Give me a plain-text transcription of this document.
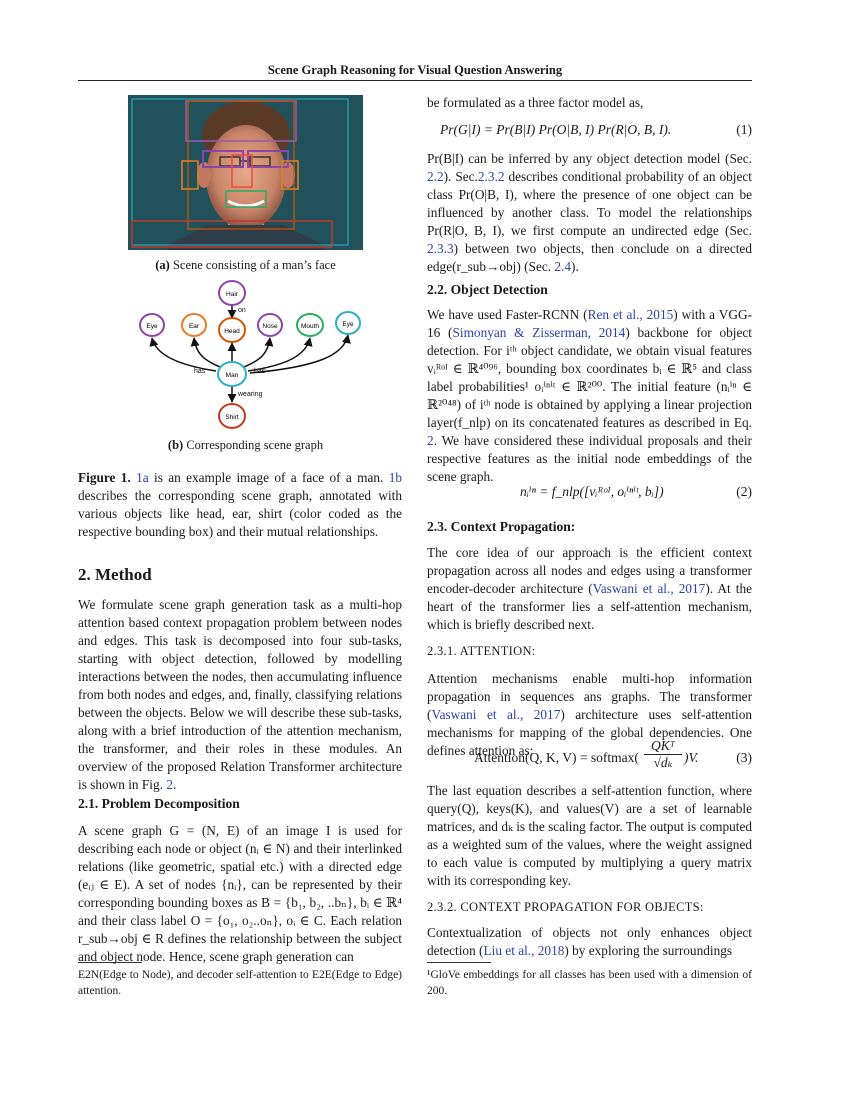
Scene Graph Reasoning for Visual Question Answering
(a) Scene consisting of a man’s face
on
has	has
wearing
Hair
Eye	Ear
Head
Nose	Mouth	Eye
Man
Shirt
(b) Corresponding scene graph

Figure 1. 1a is an example image of a face of a man. 1b describes the corresponding scene graph, annotated with various objects like head, ear, shirt (color coded as the respective bounding box) and their mutual relationships.

2. Method

We formulate scene graph generation task as a multi-hop attention based context propagation problem between nodes and edges. This task is decomposed into four sub-tasks, starting with object detection, followed by modelling interactions between the nodes, then accumulating influence from both nodes and edges, and, finally, classifying relations between the objects. Below we will describe these sub-tasks, along with a brief introduction of the attention mechanism, the transformer, and their roles in these modules. An overview of the proposed Relation Transformer architecture is shown in Fig. 2.

2.1. Problem Decomposition

A scene graph G = (N, E) of an image I is used for describing each node or object (nᵢ ∈ N) and their interlinked relations (like geometric, spatial etc.) with a directed edge (eᵢⱼ ∈ E). A set of nodes {nᵢ}, can be represented by their corresponding bounding boxes as B = {b₁, b₂, ..bₙ}, bᵢ ∈ ℝ⁴ and their class label O = {o₁, o₂..oₙ}, oᵢ ∈ C. Each relation r_sub→obj ∈ R defines the relationship between the subject and object node. Hence, scene graph generation can

E2N(Edge to Node), and decoder self-attention to E2E(Edge to Edge) attention.
be formulated as a three factor model as,
Pr(G|I) = Pr(B|I) Pr(O|B, I) Pr(R|O, B, I).	(1)

Pr(B|I) can be inferred by any object detection model (Sec. 2.2). Sec.2.3.2 describes conditional probability of an object class Pr(O|B, I), where the presence of one object can be influenced by another class. To model the relationships Pr(R|O, B, I), we first compute an undirected edge (Sec. 2.3.3) between two objects, then conclude on a directed edge(r_sub→obj) (Sec. 2.4).

2.2. Object Detection

We have used Faster-RCNN (Ren et al., 2015) with a VGG-16 (Simonyan & Zisserman, 2014) backbone for object detection. For iᵗʰ object candidate, we obtain visual features vᵢᴿᵒᴵ ∈ ℝ⁴⁰⁹⁶, bounding box coordinates bᵢ ∈ ℝ⁵ and class label probabilities¹ oᵢⁱⁿⁱᵗ ∈ ℝ²⁰⁰. The initial feature (nᵢⁱⁿ ∈ ℝ²⁰⁴⁸) of iᵗʰ node is obtained by applying a linear projection layer(f_nlp) on its concatenated features as described in Eq. 2. We have considered these individual proposals and their respective features as the initial node embeddings of the scene graph.

nᵢⁱⁿ = f_nlp([vᵢᴿᵒᴵ, oᵢⁱⁿⁱᵗ, bᵢ])	(2)
2.3. Context Propagation:

The core idea of our approach is the efficient context propagation across all nodes and edges using a transformer encoder-decoder architecture (Vaswani et al., 2017). At the heart of the transformer lies a self-attention mechanism, which is briefly described next.

2.3.1. ATTENTION:

Attention mechanisms enable multi-hop information propagation in sequences ans graphs. The transformer (Vaswani et al., 2017) architecture uses self-attention mechanisms for mapping of the global dependencies. One defines attention as:

Attention(Q, K, V) = softmax(
QKᵀ
√dₖ )V.	(3)
The last equation describes a self-attention function, where query(Q), keys(K), and values(V) are a set of learnable matrices, and dₖ is the scaling factor. The output is computed as a weighted sum of the values, where the weight assigned to each value is computed by multiplying a query matrix with its corresponding key.
2.3.2. CONTEXT PROPAGATION FOR OBJECTS:

Contextualization of objects not only enhances object detection (Liu et al., 2018) by exploring the surroundings

¹GloVe embeddings for all classes has been used with a dimension of 200.
